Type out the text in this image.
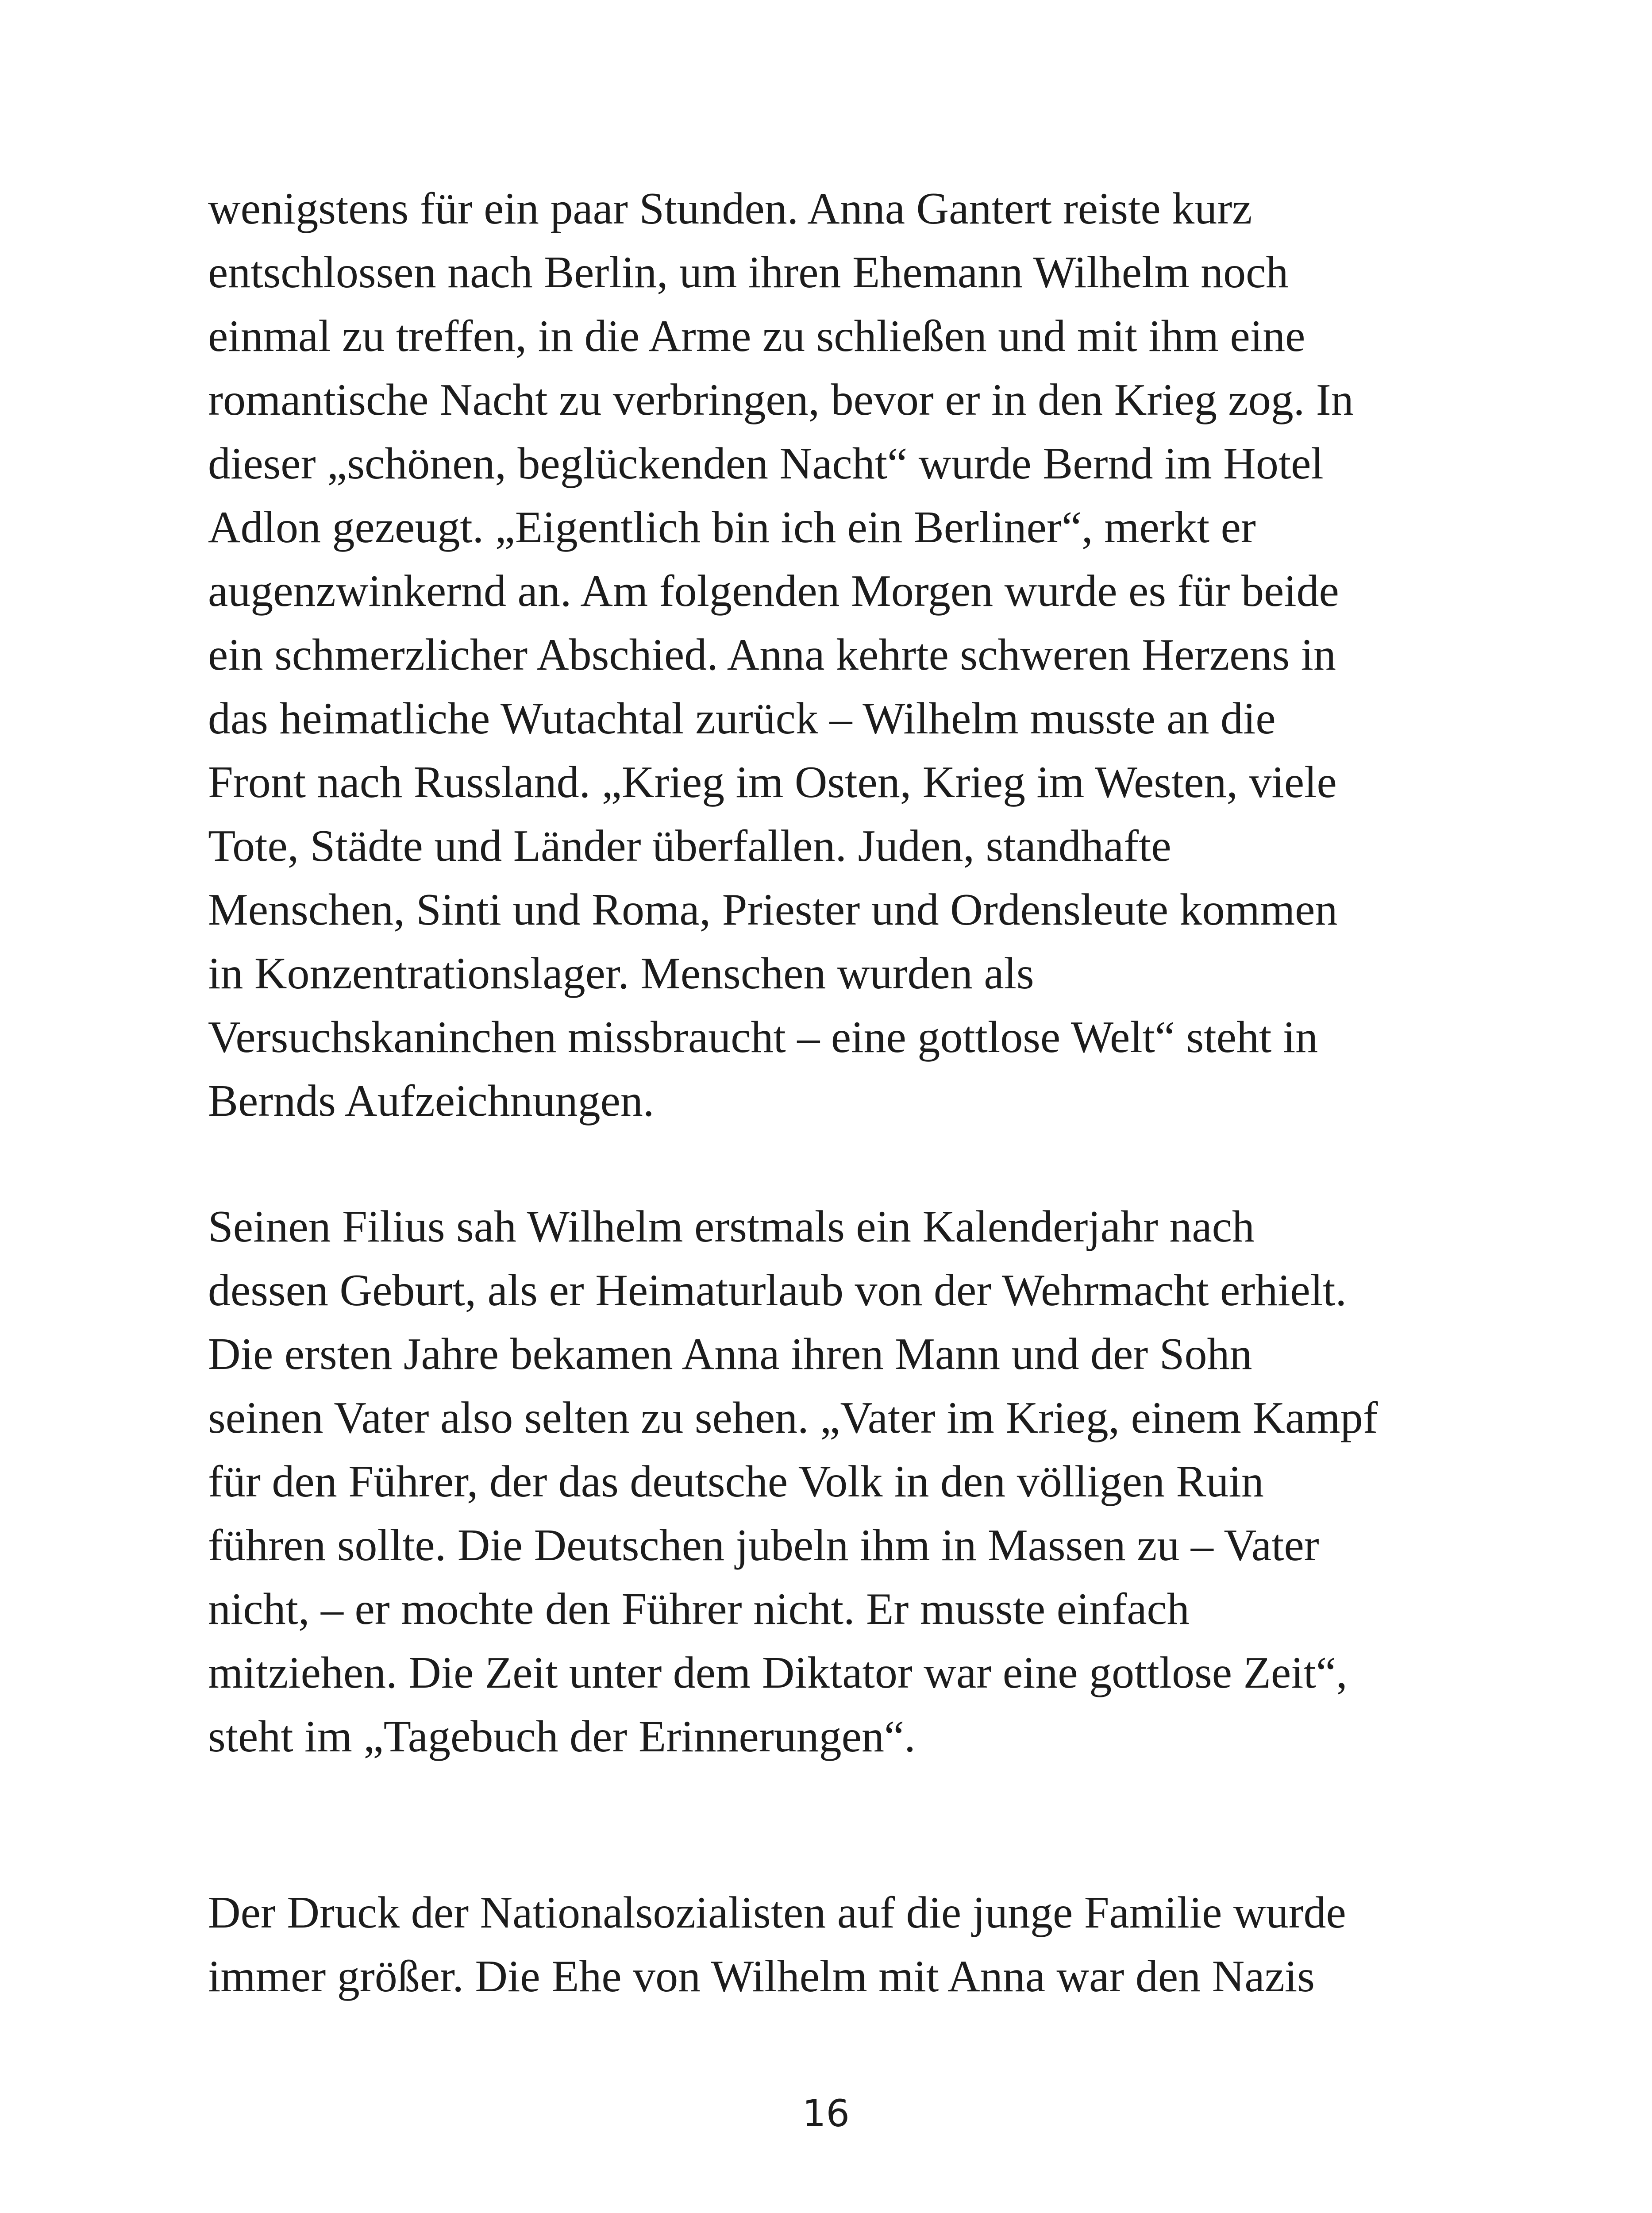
wenigstens für ein paar Stunden. Anna Gantert reiste kurz
entschlossen nach Berlin, um ihren Ehemann Wilhelm noch
einmal zu treffen, in die Arme zu schließen und mit ihm eine
romantische Nacht zu verbringen, bevor er in den Krieg zog. In
dieser „schönen, beglückenden Nacht“ wurde Bernd im Hotel
Adlon gezeugt. „Eigentlich bin ich ein Berliner“, merkt er
augenzwinkernd an. Am folgenden Morgen wurde es für beide
ein schmerzlicher Abschied. Anna kehrte schweren Herzens in
das heimatliche Wutachtal zurück – Wilhelm musste an die
Front nach Russland. „Krieg im Osten, Krieg im Westen, viele
Tote, Städte und Länder überfallen. Juden, standhafte
Menschen, Sinti und Roma, Priester und Ordensleute kommen
in Konzentrationslager. Menschen wurden als
Versuchskaninchen missbraucht – eine gottlose Welt“ steht in
Bernds Aufzeichnungen.
Seinen Filius sah Wilhelm erstmals ein Kalenderjahr nach
dessen Geburt, als er Heimaturlaub von der Wehrmacht erhielt.
Die ersten Jahre bekamen Anna ihren Mann und der Sohn
seinen Vater also selten zu sehen. „Vater im Krieg, einem Kampf
für den Führer, der das deutsche Volk in den völligen Ruin
führen sollte. Die Deutschen jubeln ihm in Massen zu – Vater
nicht, – er mochte den Führer nicht. Er musste einfach
mitziehen. Die Zeit unter dem Diktator war eine gottlose Zeit“,
steht im „Tagebuch der Erinnerungen“.
Der Druck der Nationalsozialisten auf die junge Familie wurde
immer größer. Die Ehe von Wilhelm mit Anna war den Nazis
16
